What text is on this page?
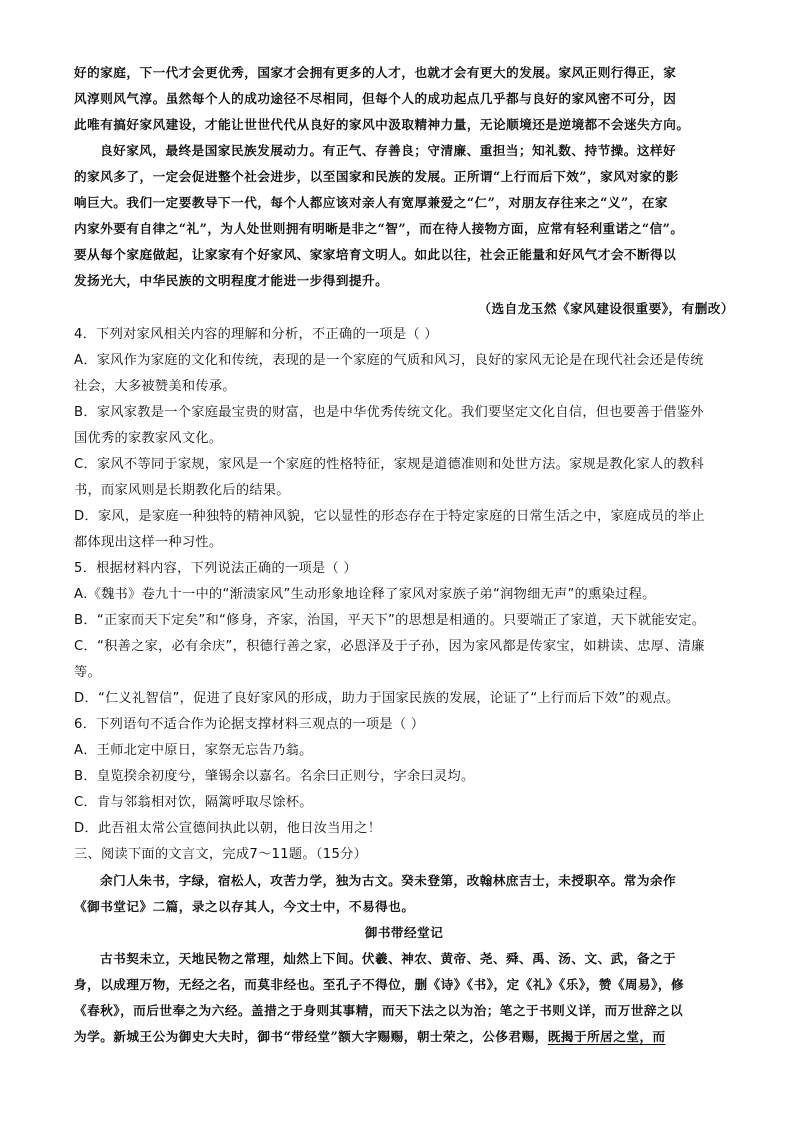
好的家庭，下一代才会更优秀，国家才会拥有更多的人才，也就才会有更大的发展。家风正则行得正，家
风淳则风气淳。虽然每个人的成功途径不尽相同，但每个人的成功起点几乎都与良好的家风密不可分，因
此唯有搞好家风建设，才能让世世代代从良好的家风中汲取精神力量，无论顺境还是逆境都不会迷失方向。
良好家风，最终是国家民族发展动力。有正气、存善良；守清廉、重担当；知礼数、持节操。这样好
的家风多了，一定会促进整个社会进步，以至国家和民族的发展。正所谓“上行而后下效”，家风对家的影
响巨大。我们一定要教导下一代，每个人都应该对亲人有宽厚兼爱之“仁”，对朋友存往来之“义”，在家
内家外要有自律之“礼”，为人处世则拥有明晰是非之“智”，而在待人接物方面，应常有轻利重诺之“信”。
要从每个家庭做起，让家家有个好家风、家家培育文明人。如此以往，社会正能量和好风气才会不断得以
发扬光大，中华民族的文明程度才能进一步得到提升。
（选自龙玉然《家风建设很重要》，有删改）
4．下列对家风相关内容的理解和分析，不正确的一项是（ ）
A．家风作为家庭的文化和传统，表现的是一个家庭的气质和风习，良好的家风无论是在现代社会还是传统
社会，大多被赞美和传承。
B．家风家教是一个家庭最宝贵的财富，也是中华优秀传统文化。我们要坚定文化自信，但也要善于借鉴外
国优秀的家教家风文化。
C．家风不等同于家规，家风是一个家庭的性格特征，家规是道德准则和处世方法。家规是教化家人的教科
书，而家风则是长期教化后的结果。
D．家风，是家庭一种独特的精神风貌，它以显性的形态存在于特定家庭的日常生活之中，家庭成员的举止
都体现出这样一种习性。
5．根据材料内容，下列说法正确的一项是（ ）
A.《魏书》卷九十一中的“渐渍家风”生动形象地诠释了家风对家族子弟“润物细无声”的熏染过程。
B．“正家而天下定矣”和“修身，齐家，治国，平天下”的思想是相通的。只要端正了家道，天下就能安定。
C．“积善之家，必有余庆”，积德行善之家，必恩泽及于子孙，因为家风都是传家宝，如耕读、忠厚、清廉
等。
D．“仁义礼智信”，促进了良好家风的形成，助力于国家民族的发展，论证了“上行而后下效”的观点。
6．下列语句不适合作为论据支撑材料三观点的一项是（ ）
A．王师北定中原日，家祭无忘告乃翁。
B．皇览揆余初度兮，肇锡余以嘉名。名余曰正则兮，字余曰灵均。
C．肯与邻翁相对饮，隔篱呼取尽馀杯。
D．此吾祖太常公宣德间执此以朝，他日汝当用之！
三、阅读下面的文言文，完成7～11题。（15分）
余门人朱书，字绿，宿松人，攻苦力学，独为古文。癸未登第，改翰林庶吉士，未授职卒。常为余作
《御书堂记》二篇，录之以存其人，今文士中，不易得也。
御书带经堂记
古书契未立，天地民物之常理，灿然上下间。伏羲、神农、黄帝、尧、舜、禹、汤、文、武，备之于
身，以成理万物，无经之名，而莫非经也。至孔子不得位，删《诗》《书》，定《礼》《乐》，赞《周易》，修
《春秋》，而后世奉之为六经。盖措之于身则其事精，而天下法之以为治；笔之于书则义详，而万世辞之以
为学。新城王公为御史大夫时，御书“带经堂”额大字赐赐，朝士荣之，公侈君赐，既揭于所居之堂，而
